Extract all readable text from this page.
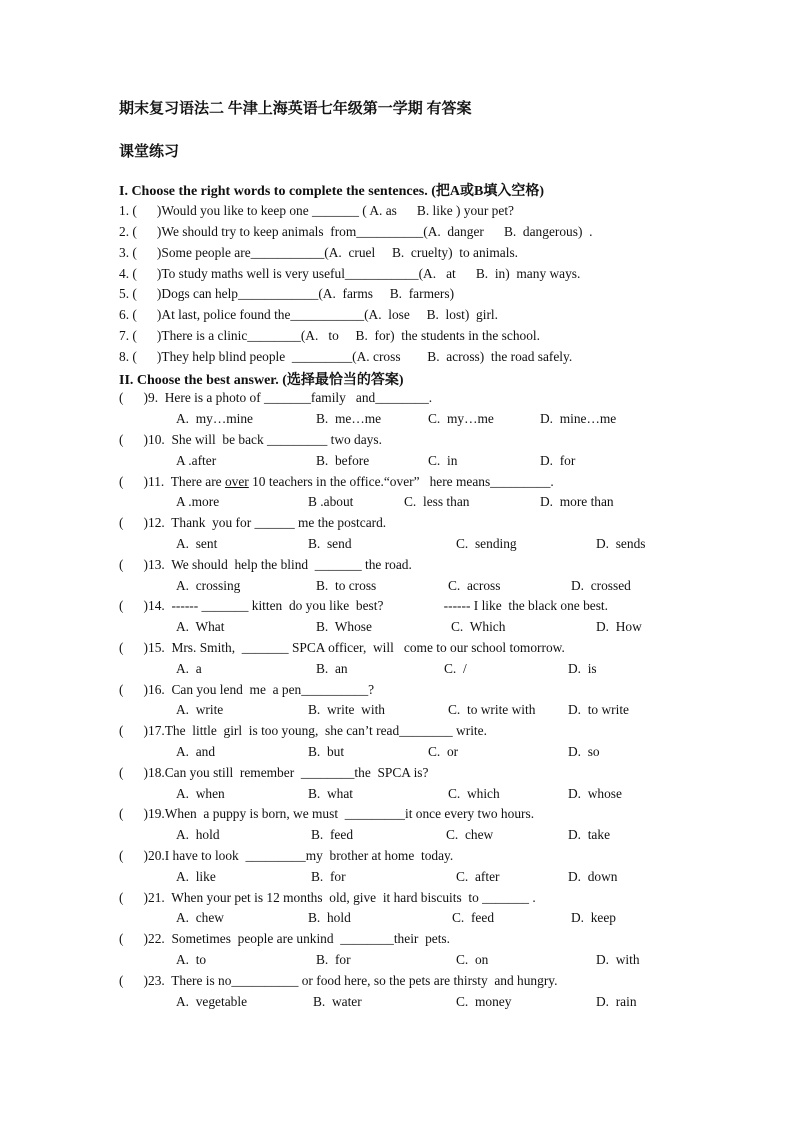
期末复习语法二 牛津上海英语七年级第一学期 有答案
课堂练习
I. Choose the right words to complete the sentences. (把A或B填入空格)
1. (      )Would you like to keep one _______ ( A. as      B. like ) your pet?
2. (      )We should try to keep animals  from__________(A.  danger      B.  dangerous)  .
3. (      )Some people are___________(A.  cruel     B.  cruelty)  to animals.
4. (      )To study maths well is very useful___________(A.   at      B.  in)  many ways.
5. (      )Dogs can help____________(A.  farms     B.  farmers)
6. (      )At last, police found the___________(A.  lose     B.  lost)  girl.
7. (      )There is a clinic________(A.   to     B.  for)  the students in the school.
8. (      )They help blind people  _________(A. cross        B.  across)  the road safely.
II. Choose the best answer. (选择最恰当的答案)
(      )9.  Here is a photo of _______family   and________.
A.  my…mine	B.  me…me	C.  my…me	D.  mine…me
(      )10.  She will  be back _________ two days.
A .after	B.  before	C.  in	D.  for
(      )11.  There are over 10 teachers in the office.“over”   here means_________.
A .more	B .about	C.  less than	D.  more than
(      )12.  Thank  you for ______ me the postcard.
A.  sent	B.  send	C.  sending	D.  sends
(      )13.  We should  help the blind  _______ the road.
A.  crossing	B.  to cross	C.  across	D.  crossed
(      )14.  ------ _______ kitten  do you like  best?                  ------ I like  the black one best.
A.  What	B.  Whose	C.  Which	D.  How
(      )15.  Mrs. Smith,  _______ SPCA officer,  will   come to our school tomorrow.
A.  a	B.  an	C.  /	D.  is
(      )16.  Can you lend  me  a pen__________?
A.  write	B.  write  with	C.  to write with D.  to write
(      )17.The  little  girl  is too young,  she can’t read________ write.
A.  and	B.  but	C.  or	D.  so
(      )18.Can you still  remember  ________the  SPCA is?
A.  when	B.  what	C.  which	D.  whose
(      )19.When  a puppy is born, we must  _________it once every two hours.
A.  hold	B.  feed	C.  chew	D.  take
(      )20.I have to look  _________my  brother at home  today.
A.  like	B.  for	C.  after	D.  down
(      )21.  When your pet is 12 months  old, give  it hard biscuits  to _______ .
A.  chew	B.  hold	C.  feed	D.  keep
(      )22.  Sometimes  people are unkind  ________their  pets.
A.  to	B.  for	C.  on	D.  with
(      )23.  There is no__________ or food here, so the pets are thirsty  and hungry.
A.  vegetable	B.  water	C.  money	D.  rain
